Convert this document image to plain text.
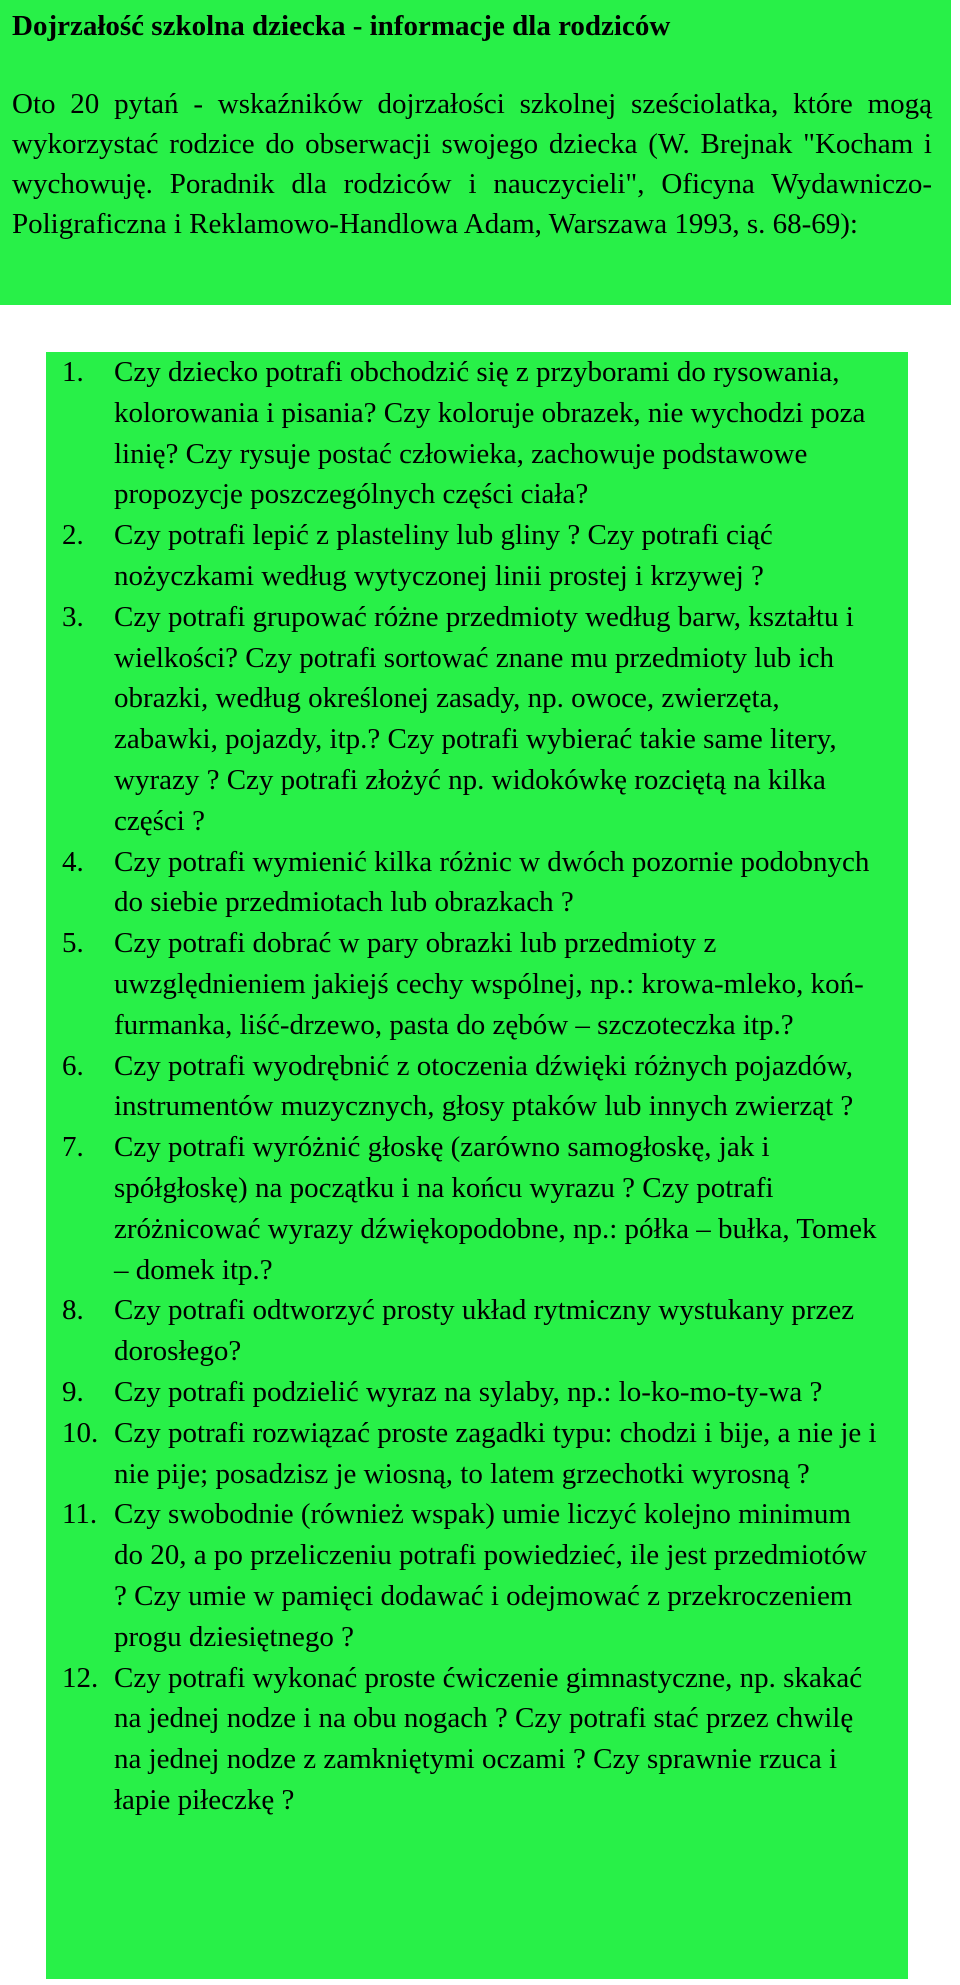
Dojrzałość szkolna dziecka - informacje dla rodziców

Oto 20 pytań - wskaźników dojrzałości szkolnej sześciolatka, które mogą wykorzystać rodzice do obserwacji swojego dziecka (W. Brejnak "Kocham i wychowuję. Poradnik dla rodziców i nauczycieli", Oficyna Wydawniczo-Poligraficzna i Reklamowo-Handlowa Adam, Warszawa 1993, s. 68-69):

1. Czy dziecko potrafi obchodzić się z przyborami do rysowania, kolorowania i pisania? Czy koloruje obrazek, nie wychodzi poza linię? Czy rysuje postać człowieka, zachowuje podstawowe propozycje poszczególnych części ciała?
2. Czy potrafi lepić z plasteliny lub gliny ? Czy potrafi ciąć nożyczkami według wytyczonej linii prostej i krzywej ?
3. Czy potrafi grupować różne przedmioty według barw, kształtu i wielkości? Czy potrafi sortować znane mu przedmioty lub ich obrazki, według określonej zasady, np. owoce, zwierzęta, zabawki, pojazdy, itp.? Czy potrafi wybierać takie same litery, wyrazy ? Czy potrafi złożyć np. widokówkę rozciętą na kilka części ?
4. Czy potrafi wymienić kilka różnic w dwóch pozornie podobnych do siebie przedmiotach lub obrazkach ?
5. Czy potrafi dobrać w pary obrazki lub przedmioty z uwzględnieniem jakiejś cechy wspólnej, np.: krowa-mleko, koń-furmanka, liść-drzewo, pasta do zębów – szczoteczka itp.?
6. Czy potrafi wyodrębnić z otoczenia dźwięki różnych pojazdów, instrumentów muzycznych, głosy ptaków lub innych zwierząt ?
7. Czy potrafi wyróżnić głoskę (zarówno samogłoskę, jak i spółgłoskę) na początku i na końcu wyrazu ? Czy potrafi zróżnicować wyrazy dźwiękopodobne, np.: półka – bułka, Tomek – domek itp.?
8. Czy potrafi odtworzyć prosty układ rytmiczny wystukany przez dorosłego?
9. Czy potrafi podzielić wyraz na sylaby, np.: lo-ko-mo-ty-wa ?
10. Czy potrafi rozwiązać proste zagadki typu: chodzi i bije, a nie je i nie pije; posadzisz je wiosną, to latem grzechotki wyrosną ?
11. Czy swobodnie (również wspak) umie liczyć kolejno minimum do 20, a po przeliczeniu potrafi powiedzieć, ile jest przedmiotów ? Czy umie w pamięci dodawać i odejmować z przekroczeniem progu dziesiętnego ?
12. Czy potrafi wykonać proste ćwiczenie gimnastyczne, np. skakać na jednej nodze i na obu nogach ? Czy potrafi stać przez chwilę na jednej nodze z zamkniętymi oczami ? Czy sprawnie rzuca i łapie piłeczkę ?
